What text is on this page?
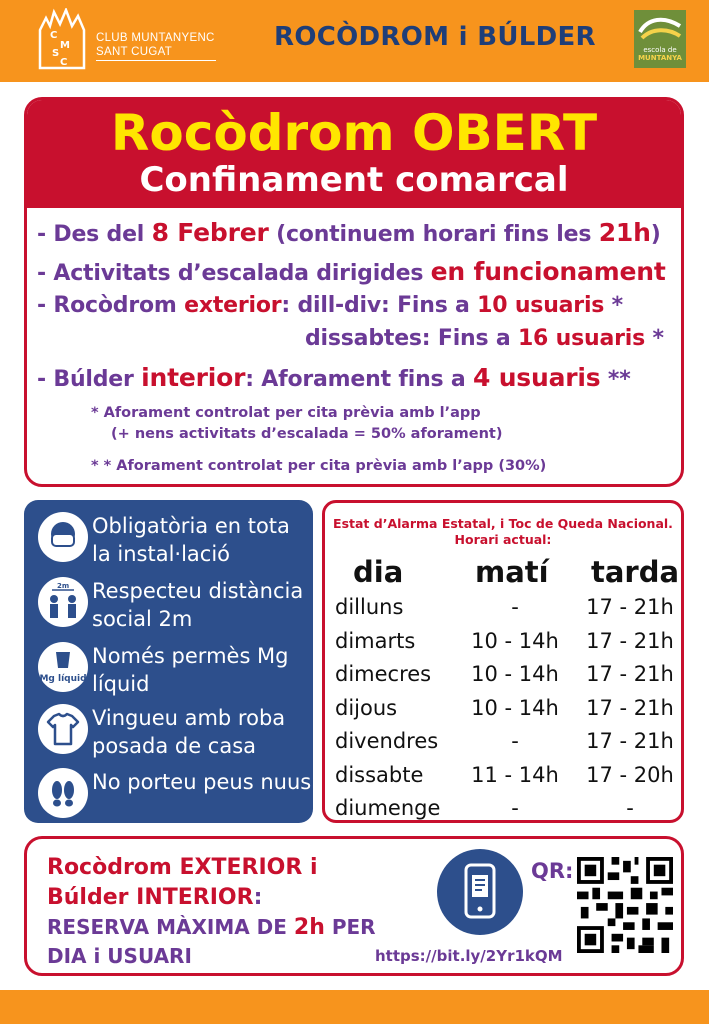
C
M
S
C
CLUB MUNTANYENC
SANT CUGAT	ROCÒDROM i BÚLDER	escola de
MUNTANYA
Rocòdrom OBERT
Confinament comarcal
- Des del 8 Febrer (continuem horari fins les 21h)
- Activitats d’escalada dirigides en funcionament
- Rocòdrom exterior: dill-div: Fins a 10 usuaris *
dissabtes: Fins a 16 usuaris *
- Búlder interior: Aforament fins a 4 usuaris **
* Aforament controlat per cita prèvia amb l’app
(+ nens activitats d’escalada = 50% aforament)
* * Aforament controlat per cita prèvia amb l’app (30%)
Obligatòria en tota la instal·lació
2m Respecteu distància social 2m
Mg líquid
Només permès Mg líquid
Vingueu amb roba posada de casa
No porteu peus nuus
Estat d’Alarma Estatal, i Toc de Queda Nacional.
Horari actual:
dia matí tarda
dilluns	-	17 - 21h
dimarts	10 - 14h	17 - 21h
dimecres	10 - 14h	17 - 21h
dijous	10 - 14h	17 - 21h
divendres	-	17 - 21h
dissabte	11 - 14h	17 - 20h
diumenge	-	-
Rocòdrom EXTERIOR i
Búlder INTERIOR:
RESERVA MÀXIMA DE 2h PER
DIA i USUARI
QR:
https://bit.ly/2Yr1kQM
